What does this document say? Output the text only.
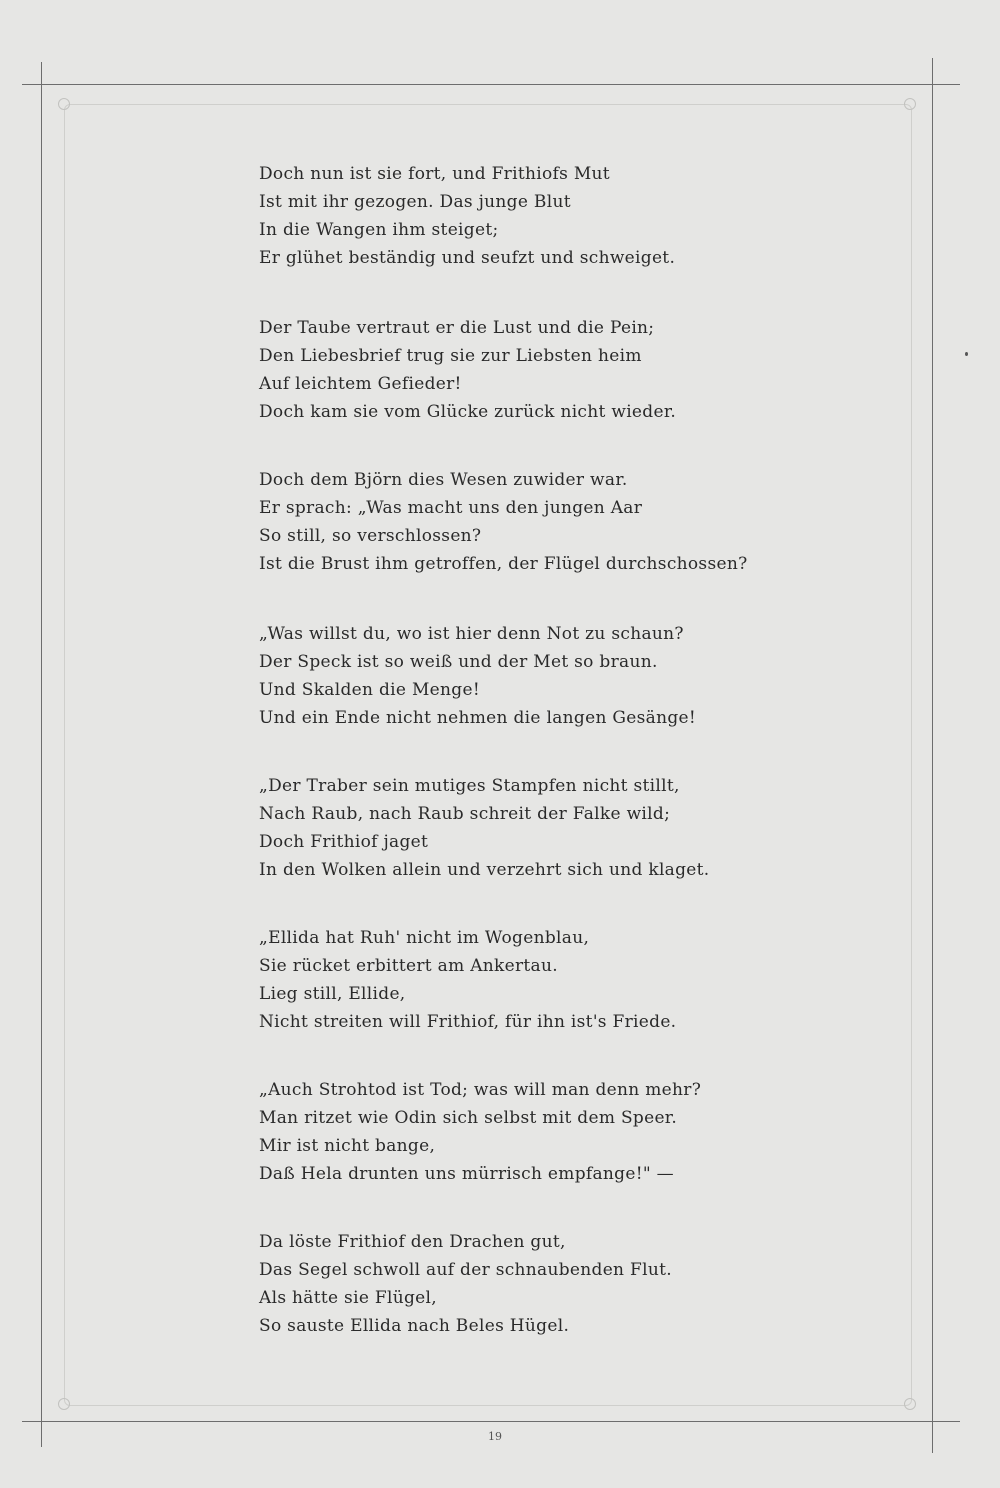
Doch nun ist sie fort, und Frithiofs Mut
Ist mit ihr gezogen. Das junge Blut
In die Wangen ihm steiget;
Er glühet beständig und seufzt und schweiget.
Der Taube vertraut er die Lust und die Pein;
Den Liebesbrief trug sie zur Liebsten heim
Auf leichtem Gefieder!
Doch kam sie vom Glücke zurück nicht wieder.
Doch dem Björn dies Wesen zuwider war.
Er sprach: „Was macht uns den jungen Aar
So still, so verschlossen?
Ist die Brust ihm getroffen, der Flügel durchschossen?
„Was willst du, wo ist hier denn Not zu schaun?
Der Speck ist so weiß und der Met so braun.
Und Skalden die Menge!
Und ein Ende nicht nehmen die langen Gesänge!
„Der Traber sein mutiges Stampfen nicht stillt,
Nach Raub, nach Raub schreit der Falke wild;
Doch Frithiof jaget
In den Wolken allein und verzehrt sich und klaget.
„Ellida hat Ruh' nicht im Wogenblau,
Sie rücket erbittert am Ankertau.
Lieg still, Ellide,
Nicht streiten will Frithiof, für ihn ist's Friede.
„Auch Strohtod ist Tod; was will man denn mehr?
Man ritzet wie Odin sich selbst mit dem Speer.
Mir ist nicht bange,
Daß Hela drunten uns mürrisch empfange!" —
Da löste Frithiof den Drachen gut,
Das Segel schwoll auf der schnaubenden Flut.
Als hätte sie Flügel,
So sauste Ellida nach Beles Hügel.
19
